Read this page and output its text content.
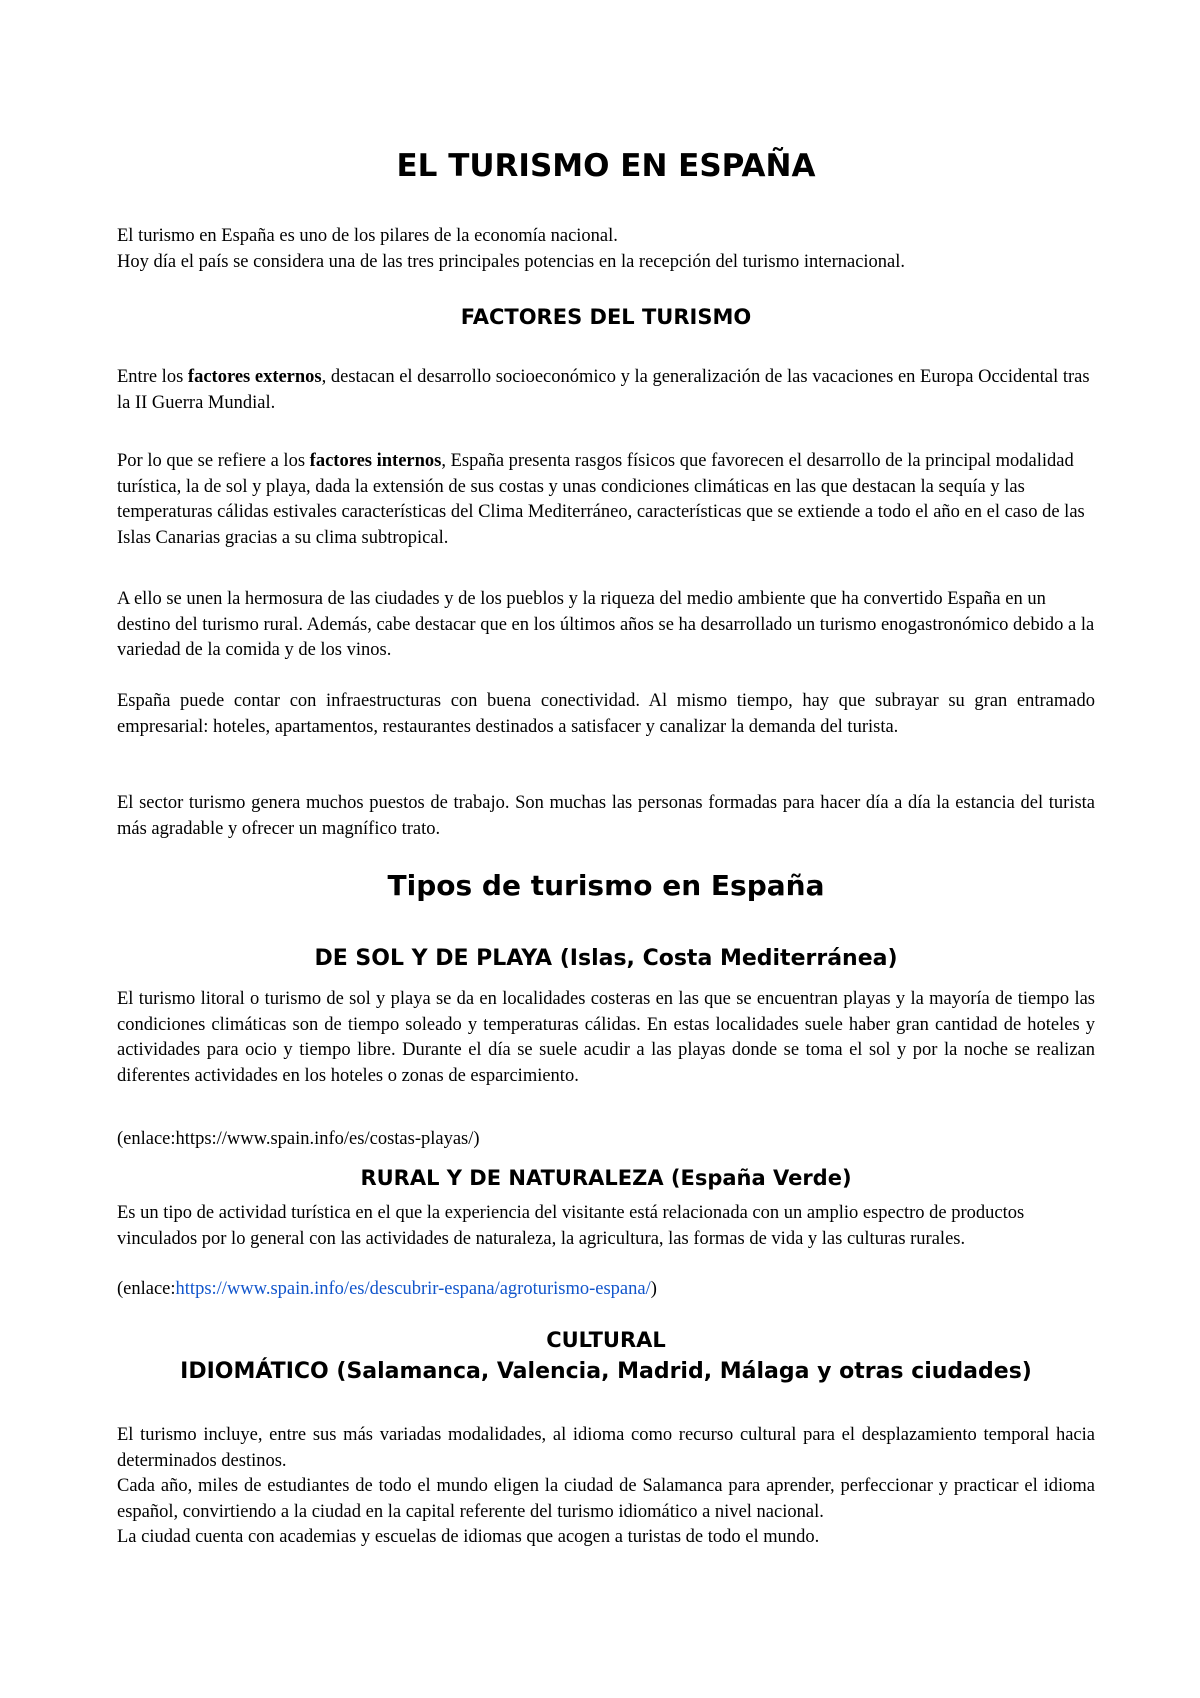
EL TURISMO EN ESPAÑA

El turismo en España es uno de los pilares de la economía nacional.

Hoy día el país se considera una de las tres principales potencias en la recepción del turismo internacional.

FACTORES DEL TURISMO

Entre los factores externos, destacan el desarrollo socioeconómico y la generalización de las vacaciones en Europa Occidental tras la II Guerra Mundial.

Por lo que se refiere a los factores internos, España presenta rasgos físicos que favorecen el desarrollo de la principal modalidad turística, la de sol y playa, dada la extensión de sus costas y unas condiciones climáticas en las que destacan la sequía y las temperaturas cálidas estivales características del Clima Mediterráneo, características que se extiende a todo el año en el caso de las Islas Canarias gracias a su clima subtropical.

A ello se unen la hermosura de las ciudades y de los pueblos y la riqueza del medio ambiente que ha convertido España en un destino del turismo rural. Además, cabe destacar que en los últimos años se ha desarrollado un turismo enogastronómico debido a la variedad de la comida y de los vinos.

España puede contar con infraestructuras con buena conectividad. Al mismo tiempo, hay que subrayar su gran entramado empresarial: hoteles, apartamentos, restaurantes destinados a satisfacer y canalizar la demanda del turista.

El sector turismo genera muchos puestos de trabajo. Son muchas las personas formadas para hacer día a día la estancia del turista más agradable y ofrecer un magnífico trato.

Tipos de turismo en España
DE SOL Y DE PLAYA (Islas, Costa Mediterránea)

El turismo litoral o turismo de sol y playa se da en localidades costeras en las que se encuentran playas y la mayoría de tiempo las condiciones climáticas son de tiempo soleado y temperaturas cálidas. En estas localidades suele haber gran cantidad de hoteles y actividades para ocio y tiempo libre. Durante el día se suele acudir a las playas donde se toma el sol y por la noche se realizan diferentes actividades en los hoteles o zonas de esparcimiento.

(enlace:https://www.spain.info/es/costas-playas/)

RURAL Y DE NATURALEZA (España Verde)

Es un tipo de actividad turística en el que la experiencia del visitante está relacionada con un amplio espectro de productos vinculados por lo general con las actividades de naturaleza, la agricultura, las formas de vida y las culturas rurales.

(enlace:https://www.spain.info/es/descubrir-espana/agroturismo-espana/)

CULTURAL
IDIOMÁTICO (Salamanca, Valencia, Madrid, Málaga y otras ciudades)

El turismo incluye, entre sus más variadas modalidades, al idioma como recurso cultural para el desplazamiento temporal hacia determinados destinos.

Cada año, miles de estudiantes de todo el mundo eligen la ciudad de Salamanca para aprender, perfeccionar y practicar el idioma español, convirtiendo a la ciudad en la capital referente del turismo idiomático a nivel nacional.

La ciudad cuenta con academias y escuelas de idiomas que acogen a turistas de todo el mundo.
